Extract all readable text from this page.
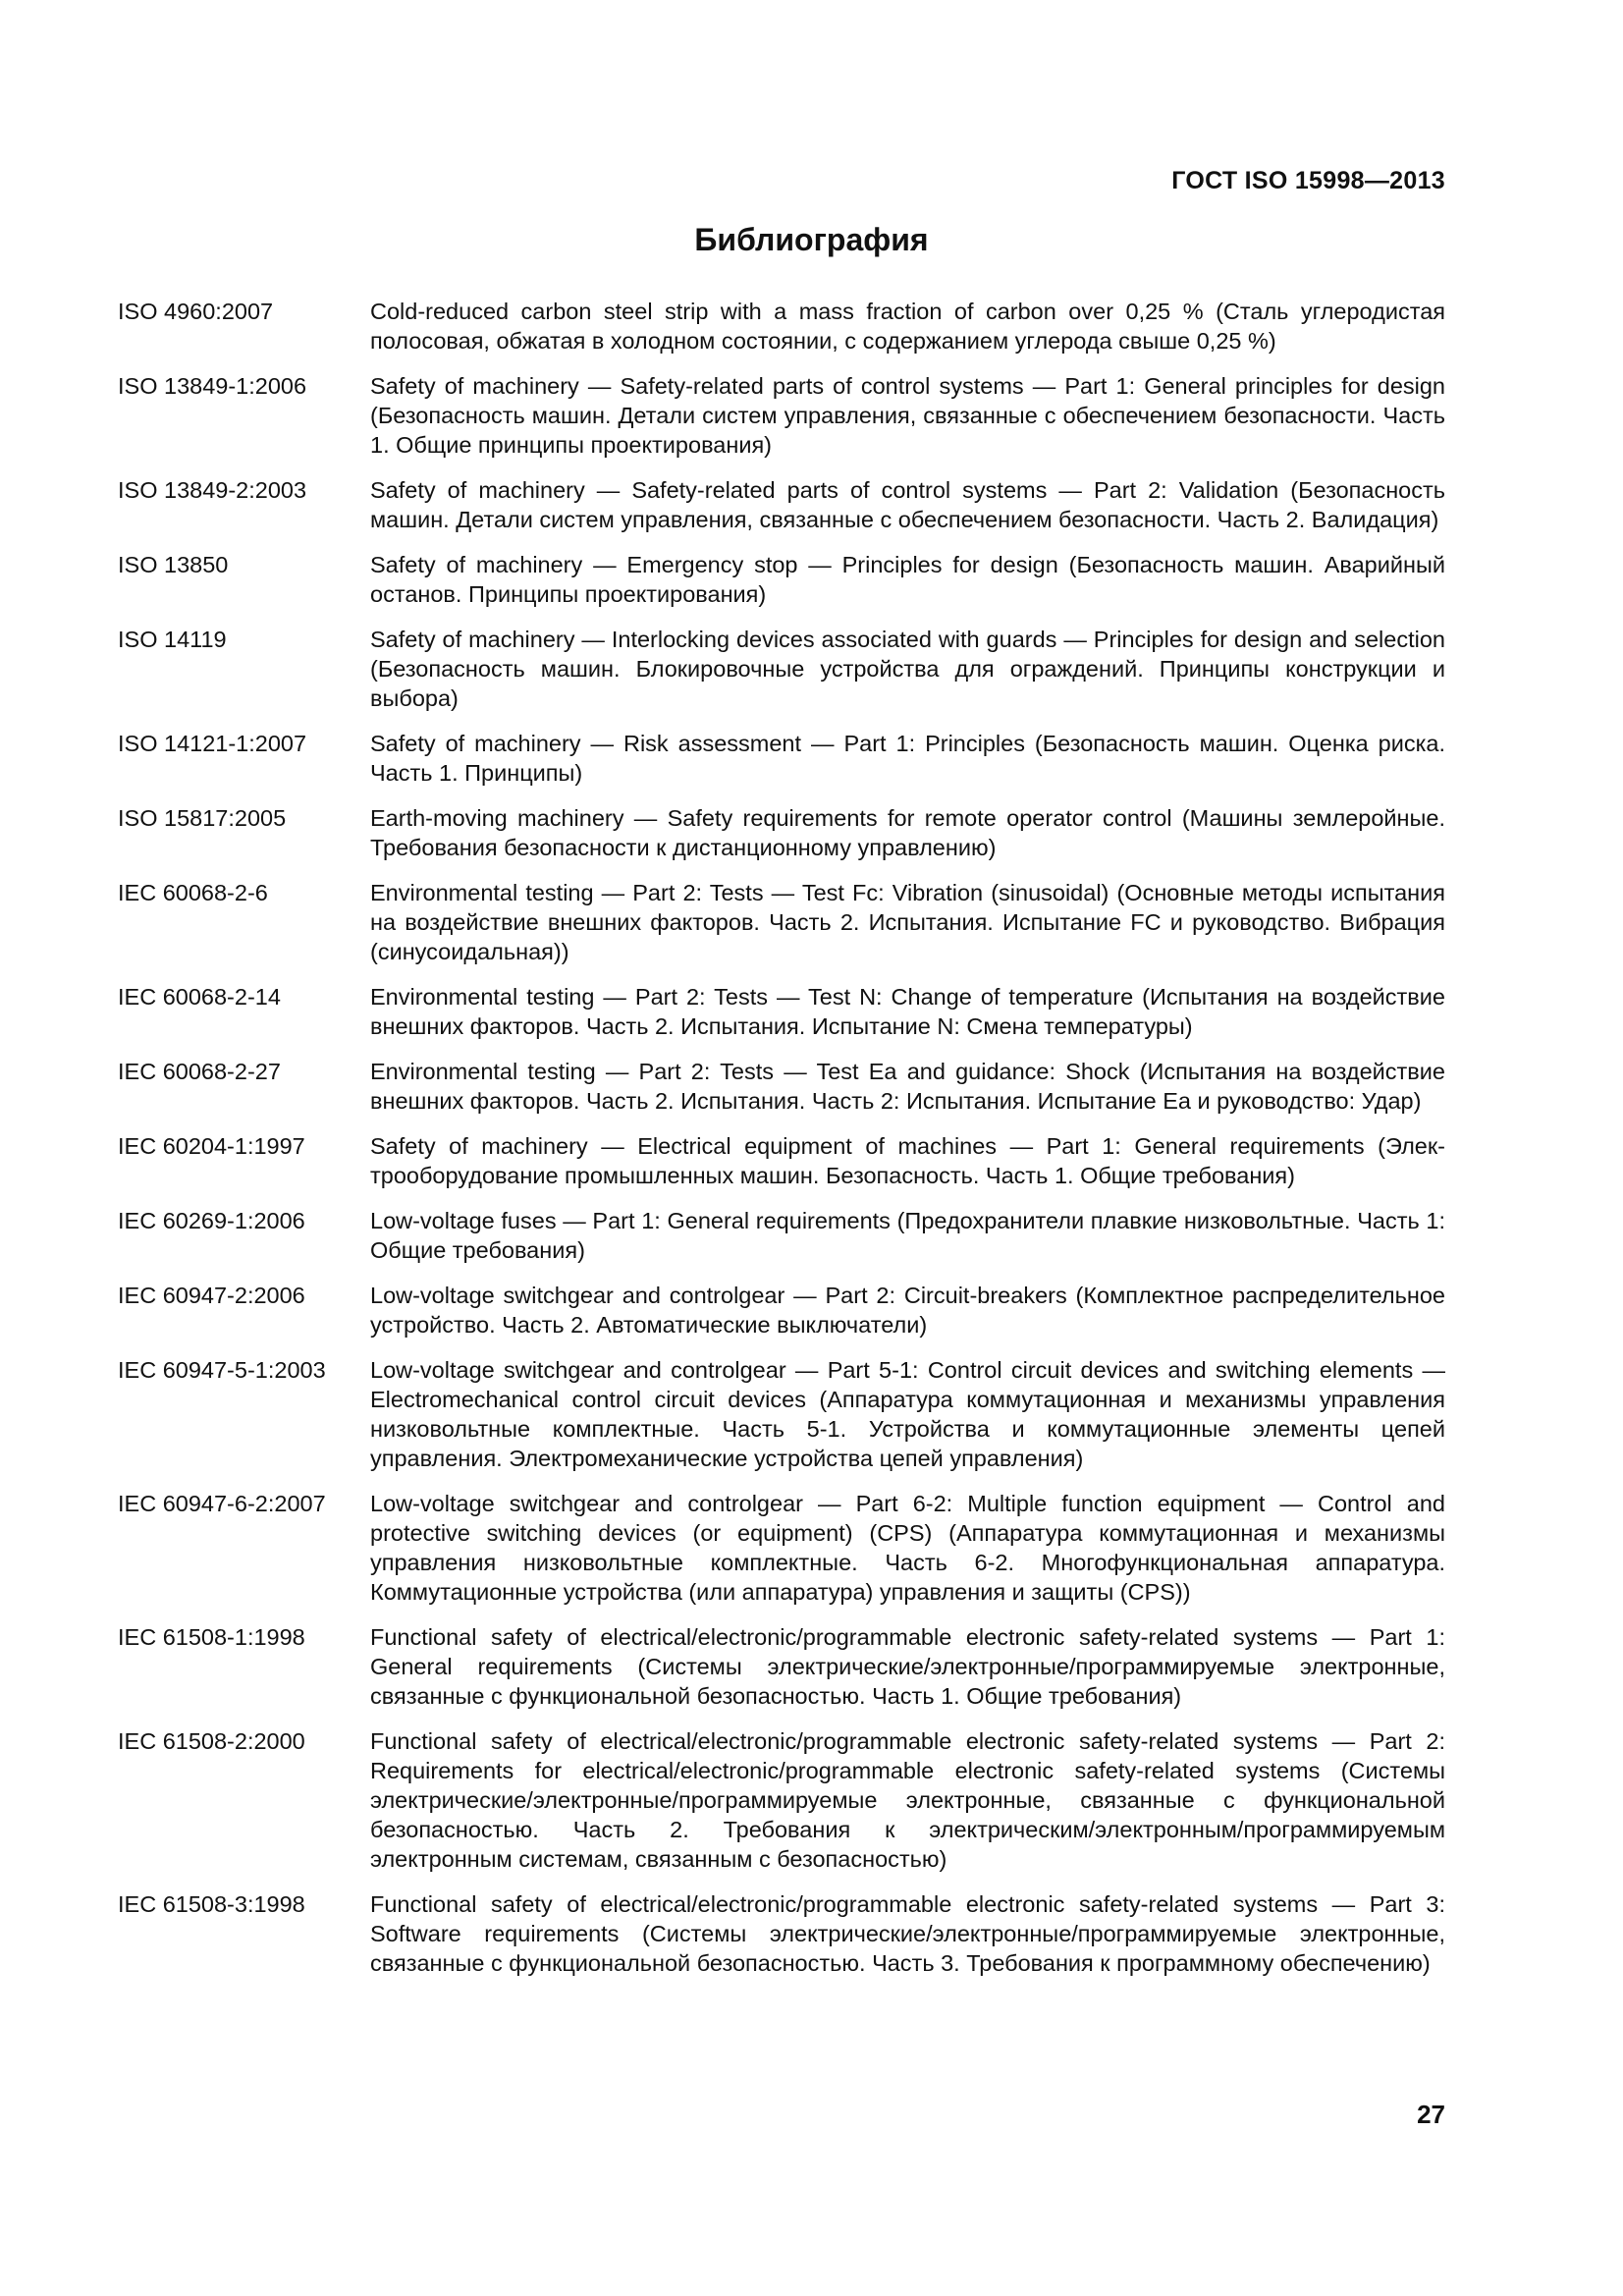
ГОСТ ISO 15998—2013
Библиография
ISO 4960:2007	Cold-reduced carbon steel strip with a mass fraction of carbon over 0,25 % (Сталь углеродистая полосовая, обжатая в холодном состоянии, с содержанием углерода свыше 0,25 %)
ISO 13849-1:2006	Safety of machinery — Safety-related parts of control systems — Part 1: General principles for design (Безопасность машин. Детали систем управления, связанные с обеспечением безопасности. Часть 1. Общие принципы проектирования)
ISO 13849-2:2003	Safety of machinery — Safety-related parts of control systems — Part 2: Validation (Безопасность машин. Детали систем управления, связанные с обеспечением безопасности. Часть 2. Валидация)
ISO 13850	Safety of machinery — Emergency stop — Principles for design (Безопасность машин. Аварийный останов. Принципы проектирования)
ISO 14119	Safety of machinery — Interlocking devices associated with guards — Principles for design and selection (Безопасность машин. Блокировочные устройства для ограждений. Принципы конструкции и выбора)
ISO 14121-1:2007	Safety of machinery — Risk assessment — Part 1: Principles (Безопасность машин. Оценка риска. Часть 1. Принципы)
ISO 15817:2005	Earth-moving machinery — Safety requirements for remote operator control (Машины землеройные. Требования безопасности к дистанционному управлению)
IEC 60068-2-6	Environmental testing — Part 2: Tests — Test Fc: Vibration (sinusoidal) (Основные методы испытания на воздействие внешних факторов. Часть 2. Испытания. Испытание FC и руководство. Вибрация (синусоидальная))
IEC 60068-2-14	Environmental testing — Part 2: Tests — Test N: Change of temperature (Испытания на воздействие внешних факторов. Часть 2. Испытания. Испытание N: Смена температуры)
IEC 60068-2-27	Environmental testing — Part 2: Tests — Test Ea and guidance: Shock (Испытания на воздействие внешних факторов. Часть 2. Испытания. Часть 2: Испытания. Испытание Ea и руководство: Удар)
IEC 60204-1:1997	Safety of machinery — Electrical equipment of machines — Part 1: General requirements (Электрооборудование промышленных машин. Безопасность. Часть 1. Общие требования)
IEC 60269-1:2006	Low-voltage fuses — Part 1: General requirements (Предохранители плавкие низковольтные. Часть 1: Общие требования)
IEC 60947-2:2006	Low-voltage switchgear and controlgear — Part 2: Circuit-breakers (Комплектное распределительное устройство. Часть 2. Автоматические выключатели)
IEC 60947-5-1:2003	Low-voltage switchgear and controlgear — Part 5-1: Control circuit devices and switching elements — Electromechanical control circuit devices (Аппаратура коммутационная и механизмы управления низковольтные комплектные. Часть 5-1. Устройства и коммутационные элементы цепей управления. Электромеханические устройства цепей управления)
IEC 60947-6-2:2007	Low-voltage switchgear and controlgear — Part 6-2: Multiple function equipment — Control and protective switching devices (or equipment) (CPS) (Аппаратура коммутационная и механизмы управления низковольтные комплектные. Часть 6-2. Многофункциональная аппаратура. Коммутационные устройства (или аппаратура) управления и защиты (CPS))
IEC 61508-1:1998	Functional safety of electrical/electronic/programmable electronic safety-related systems — Part 1: General requirements (Системы электрические/электронные/программируемые электронные, связанные с функциональной безопасностью. Часть 1. Общие требования)
IEC 61508-2:2000	Functional safety of electrical/electronic/programmable electronic safety-related systems — Part 2: Requirements for electrical/electronic/programmable electronic safety-related systems (Системы электрические/электронные/программируемые электронные, связанные с функциональной безопасностью. Часть 2. Требования к электрическим/электронным/программируемым электронным системам, связанным с безопасностью)
IEC 61508-3:1998	Functional safety of electrical/electronic/programmable electronic safety-related systems — Part 3: Software requirements (Системы электрические/электронные/программируемые электронные, связанные с функциональной безопасностью. Часть 3. Требования к программному обеспечению)
27
